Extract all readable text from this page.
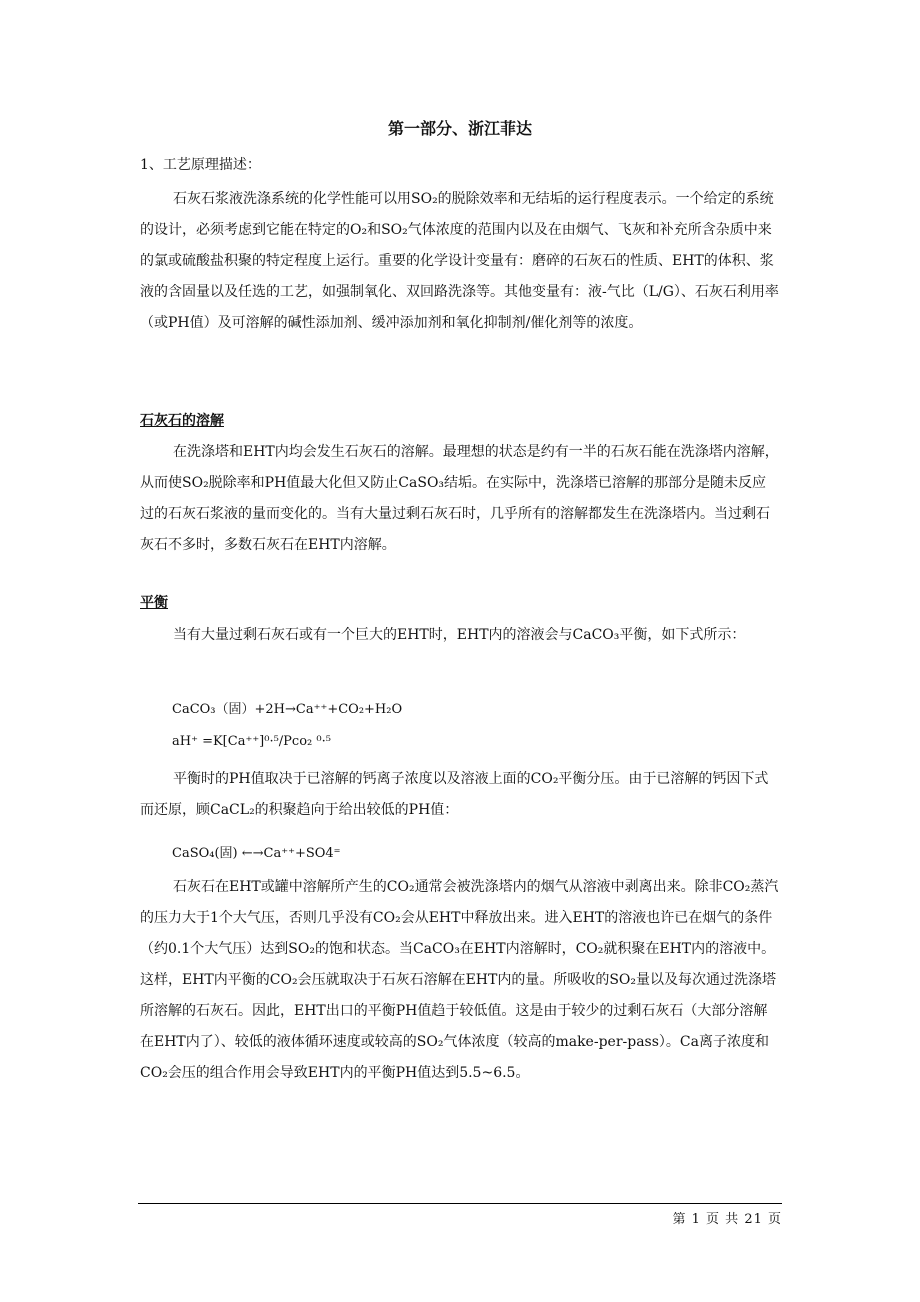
第一部分、浙江菲达
1、工艺原理描述：
石灰石浆液洗涤系统的化学性能可以用SO₂的脱除效率和无结垢的运行程度表示。一个给定的系统的设计，必须考虑到它能在特定的O₂和SO₂气体浓度的范围内以及在由烟气、飞灰和补充所含杂质中来的氯或硫酸盐积聚的特定程度上运行。重要的化学设计变量有：磨碎的石灰石的性质、EHT的体积、浆液的含固量以及任选的工艺，如强制氧化、双回路洗涤等。其他变量有：液-气比（L/G）、石灰石利用率（或PH值）及可溶解的碱性添加剂、缓冲添加剂和氧化抑制剂/催化剂等的浓度。
石灰石的溶解
在洗涤塔和EHT内均会发生石灰石的溶解。最理想的状态是约有一半的石灰石能在洗涤塔内溶解，从而使SO₂脱除率和PH值最大化但又防止CaSO₃结垢。在实际中，洗涤塔已溶解的那部分是随未反应过的石灰石浆液的量而变化的。当有大量过剩石灰石时，几乎所有的溶解都发生在洗涤塔内。当过剩石灰石不多时，多数石灰石在EHT内溶解。
平衡
当有大量过剩石灰石或有一个巨大的EHT时，EHT内的溶液会与CaCO₃平衡，如下式所示：
CaCO₃（固）+2H→Ca⁺⁺+CO₂+H₂O
aH⁺ =K[Ca⁺⁺]⁰·⁵/Pco₂ ⁰·⁵
平衡时的PH值取决于已溶解的钙离子浓度以及溶液上面的CO₂平衡分压。由于已溶解的钙因下式而还原，顾CaCL₂的积聚趋向于给出较低的PH值：
CaSO₄(固) ←→Ca⁺⁺+SO4⁼
石灰石在EHT或罐中溶解所产生的CO₂通常会被洗涤塔内的烟气从溶液中剥离出来。除非CO₂蒸汽的压力大于1个大气压，否则几乎没有CO₂会从EHT中释放出来。进入EHT的溶液也许已在烟气的条件（约0.1个大气压）达到SO₂的饱和状态。当CaCO₃在EHT内溶解时，CO₂就积聚在EHT内的溶液中。这样，EHT内平衡的CO₂会压就取决于石灰石溶解在EHT内的量。所吸收的SO₂量以及每次通过洗涤塔所溶解的石灰石。因此，EHT出口的平衡PH值趋于较低值。这是由于较少的过剩石灰石（大部分溶解在EHT内了）、较低的液体循环速度或较高的SO₂气体浓度（较高的make-per-pass）。Ca离子浓度和CO₂会压的组合作用会导致EHT内的平衡PH值达到5.5~6.5。
第 1 页 共 21 页
